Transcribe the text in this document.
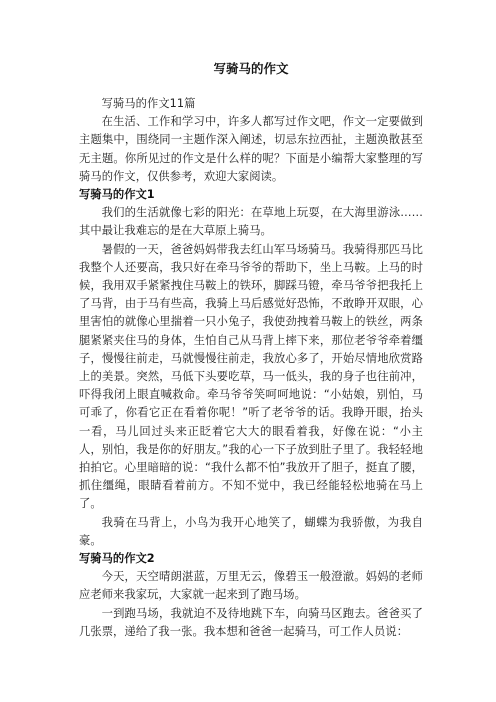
写骑马的作文

写骑马的作文11篇

在生活、工作和学习中，许多人都写过作文吧，作文一定要做到主题集中，围绕同一主题作深入阐述，切忌东拉西扯，主题涣散甚至无主题。你所见过的作文是什么样的呢？下面是小编帮大家整理的写骑马的作文，仅供参考，欢迎大家阅读。

写骑马的作文1

我们的生活就像七彩的阳光：在草地上玩耍，在大海里游泳……其中最让我难忘的是在大草原上骑马。

暑假的一天，爸爸妈妈带我去红山军马场骑马。我骑得那匹马比我整个人还要高，我只好在牵马爷爷的帮助下，坐上马鞍。上马的时候，我用双手紧紧拽住马鞍上的铁环，脚踩马镫，牵马爷爷把我托上了马背，由于马有些高，我骑上马后感觉好恐怖，不敢睁开双眼，心里害怕的就像心里揣着一只小兔子，我使劲拽着马鞍上的铁丝，两条腿紧紧夹住马的身体，生怕自己从马背上摔下来，那位老爷爷牵着缰子，慢慢往前走，马就慢慢往前走，我放心多了，开始尽情地欣赏路上的美景。突然，马低下头要吃草，马一低头，我的身子也往前冲，吓得我闭上眼直喊救命。牵马爷爷笑呵呵地说：“小姑娘，别怕，马可乖了，你看它正在看着你呢！”听了老爷爷的话。我睁开眼，抬头一看，马儿回过头来正眨着它大大的眼看着我，好像在说：“小主人，别怕，我是你的好朋友。”我的心一下子放到肚子里了。我轻轻地拍拍它。心里暗暗的说：“我什么都不怕”我放开了胆子，挺直了腰，抓住缰绳，眼睛看着前方。不知不觉中，我已经能轻松地骑在马上了。

我骑在马背上，小鸟为我开心地笑了，蝴蝶为我骄傲，为我自豪。

写骑马的作文2

今天，天空晴朗湛蓝，万里无云，像碧玉一般澄澈。妈妈的老师应老师来我家玩，大家就一起来到了跑马场。

一到跑马场，我就迫不及待地跳下车，向骑马区跑去。爸爸买了几张票，递给了我一张。我本想和爸爸一起骑马，可工作人员说：
